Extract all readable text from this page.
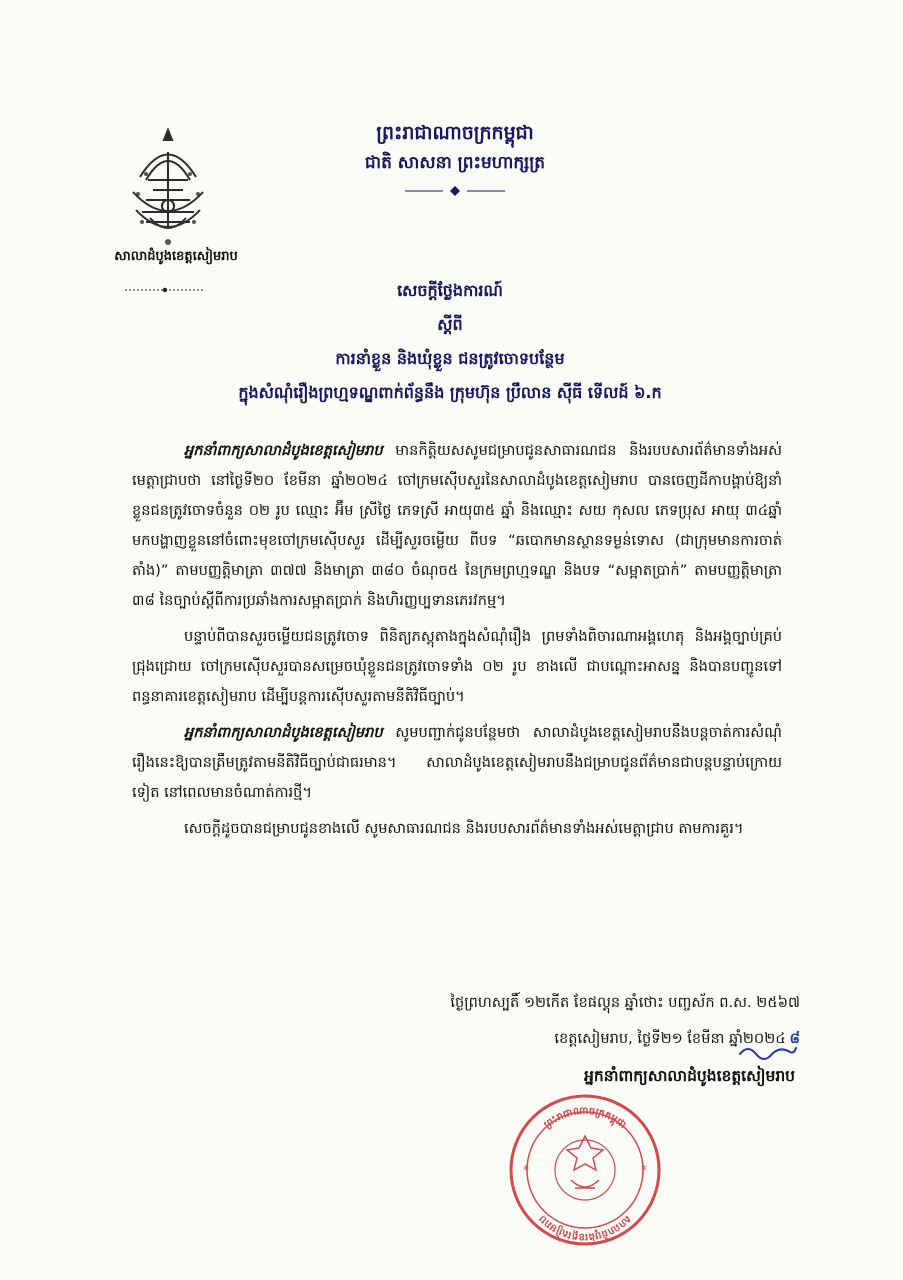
សាលាដំបូងខេត្តសៀមរាប
ព្រះរាជាណាចក្រកម្ពុជា
ជាតិ សាសនា ព្រះមហាក្សត្រ
សេចក្ដីថ្លែងការណ៍
ស្ដីពី
ការនាំខ្លួន និងឃុំខ្លួន ជនត្រូវចោទបន្ថែម
ក្នុងសំណុំរឿងព្រហ្មទណ្ឌពាក់ព័ន្ធនឹង ក្រុមហ៊ុន ប្រឹលាន ស៊ីធី ទើលដ៍ ៦.ក

អ្នកនាំពាក្យសាលាដំបូងខេត្តសៀមរាប មានកិត្តិយសសូមជម្រាបជូនសាធារណជន និងរបបសារព័ត៌មានទាំងអស់មេត្តាជ្រាបថា នៅថ្ងៃទី២០ ខែមីនា ឆ្នាំ២០២៤ ចៅក្រមស៊ើបសួរនៃសាលាដំបូងខេត្តសៀមរាប បានចេញដីកាបង្គាប់ឱ្យនាំខ្លួនជនត្រូវចោទចំនួន ០២ រូប ឈ្មោះ អ៊ឹម ស្រីថ្ងៃ ភេទស្រី អាយុ៣៥ ឆ្នាំ និងឈ្មោះ សយ កុសល ភេទប្រុស អាយុ ៣៤ឆ្នាំ មកបង្ហាញខ្លួននៅចំពោះមុខចៅក្រមស៊ើបសួរ ដើម្បីសួរចម្លើយ ពីបទ “ឆបោកមានស្ថានទម្ងន់ទោស (ជាក្រុមមានការចាត់តាំង)” តាមបញ្ញត្តិមាត្រា ៣៧៧ និងមាត្រា ៣៨០ ចំណុច៥ នៃក្រមព្រហ្មទណ្ឌ និងបទ “សម្អាតប្រាក់” តាមបញ្ញត្តិមាត្រា ៣៨ នៃច្បាប់ស្ដីពីការប្រឆាំងការសម្អាតប្រាក់ និងហិរញ្ញប្បទានភេរវកម្ម។

បន្ទាប់ពីបានសួរចម្លើយជនត្រូវចោទ ពិនិត្យភស្តុតាងក្នុងសំណុំរឿង ព្រមទាំងពិចារណាអង្គហេតុ និងអង្គច្បាប់គ្រប់ជ្រុងជ្រោយ ចៅក្រមស៊ើបសួរបានសម្រេចឃុំខ្លួនជនត្រូវចោទទាំង ០២ រូប ខាងលើ ជាបណ្ដោះអាសន្ន និងបានបញ្ជូនទៅពន្ធនាគារខេត្តសៀមរាប ដើម្បីបន្តការស៊ើបសួរតាមនីតិវិធីច្បាប់។

អ្នកនាំពាក្យសាលាដំបូងខេត្តសៀមរាប សូមបញ្ជាក់ជូនបន្ថែមថា សាលាដំបូងខេត្តសៀមរាបនឹងបន្តចាត់ការសំណុំរឿងនេះឱ្យបានត្រឹមត្រូវតាមនីតិវិធីច្បាប់ជាធរមាន។ សាលាដំបូងខេត្តសៀមរាបនឹងជម្រាបជូនព័ត៌មានជាបន្តបន្ទាប់ក្រោយទៀត នៅពេលមានចំណាត់ការថ្មី។

សេចក្ដីដូចបានជម្រាបជូនខាងលើ សូមសាធារណជន និងរបបសារព័ត៌មានទាំងអស់មេត្តាជ្រាប តាមការគួរ។

ថ្ងៃព្រហស្បតិ៍ ១២កើត ខែផល្គុន ឆ្នាំថោះ បញ្ចស័ក ព.ស. ២៥៦៧
ខេត្តសៀមរាប, ថ្ងៃទី២១ ខែមីនា ឆ្នាំ២០២៤ ៨
អ្នកនាំពាក្យសាលាដំបូងខេត្តសៀមរាប
ព្រះរាជាណាចក្រកម្ពុជា
សាលាដំបូងខេត្តសៀមរាប
*	*
